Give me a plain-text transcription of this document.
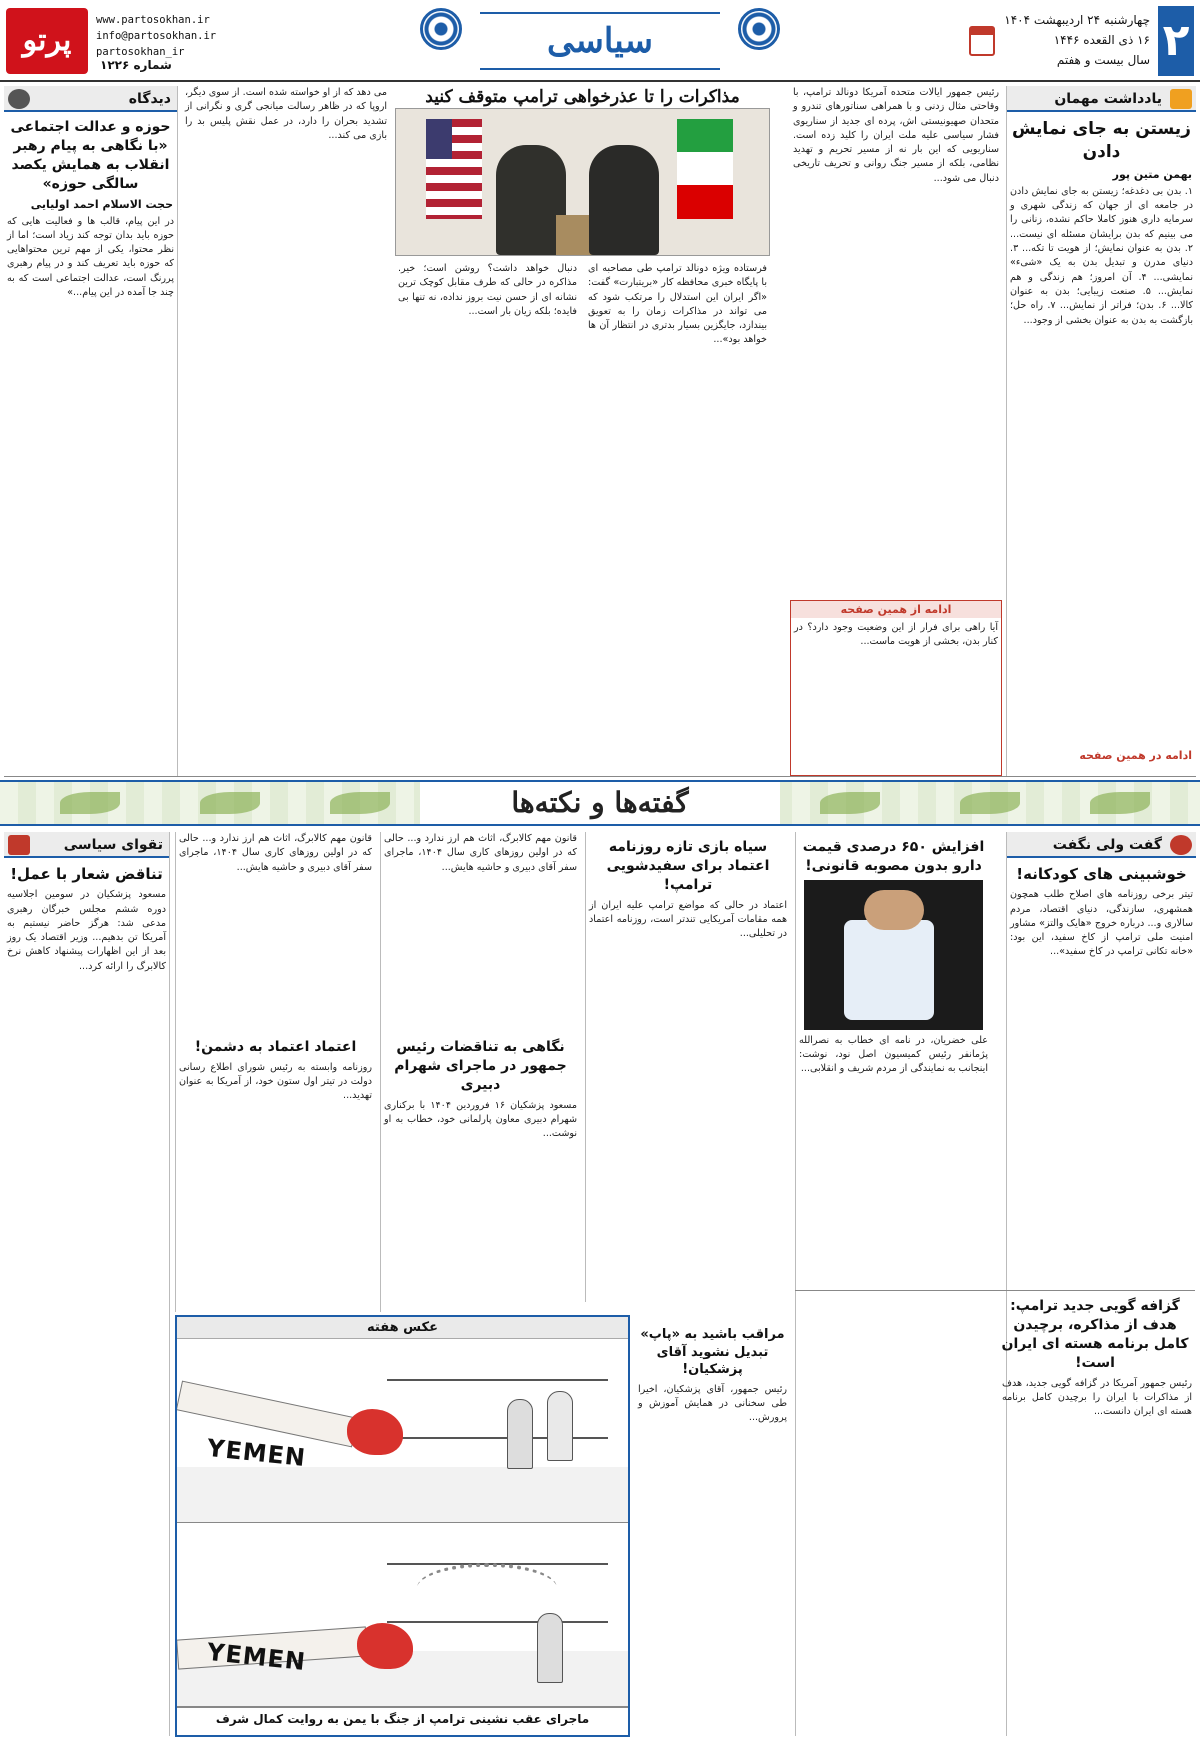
۲
چهارشنبه ۲۴ اردیبهشت ۱۴۰۴
۱۶ ذی القعده ۱۴۴۶
سال بیست و هفتم
سیاسی
www.partosokhan.ir
info@partosokhan.ir
partosokhan_ir
شماره ۱۲۲۶
پرتو
یادداشت مهمان
زیستن به جای نمایش دادن
بهمن متین پور
۱. بدن بی دغدغه؛ زیستن به جای نمایش دادن در جامعه ای از جهان که زندگی شهری و سرمایه داری هنوز کاملا حاکم نشده، زنانی را می بینیم که بدن برایشان مسئله ای نیست... ۲. بدن به عنوان نمایش؛ از هویت تا تکه... ۳. دنیای مدرن و تبدیل بدن به یک «شیء» نمایشی... ۴. آن امروز؛ هم زندگی و هم نمایش... ۵. صنعت زیبایی؛ بدن به عنوان کالا... ۶. بدن؛ فراتر از نمایش... ۷. راه حل؛ بازگشت به بدن به عنوان بخشی از وجود...
ادامه در همین صفحه
مذاکرات را تا عذرخواهی ترامپ متوقف کنید	رئیس جمهور ایالات متحده آمریکا دونالد ترامپ، با وقاحتی مثال زدنی و با همراهی سناتورهای تندرو و متحدان صهیونیستی اش، پرده ای جدید از سناریوی فشار سیاسی علیه ملت ایران را کلید زده است. سناریویی که این بار نه از مسیر تحریم و تهدید نظامی، بلکه از مسیر جنگ روانی و تحریف تاریخی دنبال می شود...
ادامه از همین صفحه
آیا راهی برای فرار از این وضعیت وجود دارد؟ در کنار بدن، بخشی از هویت ماست...
فرستاده ویژه دونالد ترامپ طی مصاحبه ای با پایگاه خبری محافظه کار «بریتبارت» گفت: «اگر ایران این استدلال را مرتکب شود که می تواند در مذاکرات زمان را به تعویق بیندازد، جایگزین بسیار بدتری در انتظار آن ها خواهد بود»...
دنبال خواهد داشت؟ روشن است؛ خیر. مذاکره در حالی که طرف مقابل کوچک ترین نشانه ای از حسن نیت بروز نداده، نه تنها بی فایده؛ بلکه زیان بار است...
می دهد که از او خواسته شده است. از سوی دیگر، اروپا که در ظاهر رسالت میانجی گری و نگرانی از تشدید بحران را دارد، در عمل نقش پلیس بد را بازی می کند...
دیدگاه
حوزه و عدالت اجتماعی «با نگاهی به پیام رهبر انقلاب به همایش یکصد سالگی حوزه»
حجت الاسلام احمد اولیایی
در این پیام، قالب ها و فعالیت هایی که حوزه باید بدان توجه کند زیاد است؛ اما از نظر محتوا، یکی از مهم ترین محتواهایی که حوزه باید تعریف کند و در پیام رهبری پررنگ است، عدالت اجتماعی است که به چند جا آمده در این پیام...»
گفته‌ها و نکته‌ها
گفت ولی نگفت
خوشبینی های کودکانه!
تیتر برخی روزنامه های اصلاح طلب همچون همشهری، سازندگی، دنیای اقتصاد، مردم سالاری و... درباره خروج «هایک والتز» مشاور امنیت ملی ترامپ از کاخ سفید، این بود: «خانه تکانی ترامپ در کاخ سفید»...
افزایش ۶۵۰ درصدی قیمت دارو بدون مصوبه قانونی!
علی خضریان، در نامه ای خطاب به نصرالله پژمانفر رئیس کمیسیون اصل نود، نوشت: اینجانب به نمایندگی از مردم شریف و انقلابی...
گزافه گویی جدید ترامپ: هدف از مذاکره، برچیدن کامل برنامه هسته ای ایران است!
رئیس جمهور آمریکا در گزافه گویی جدید، هدف از مذاکرات با ایران را برچیدن کامل برنامه هسته ای ایران دانست...
سیاه بازی تازه روزنامه اعتماد برای سفیدشویی ترامپ!
اعتماد در حالی که مواضع ترامپ علیه ایران از همه مقامات آمریکایی تندتر است، روزنامه اعتماد در تحلیلی...
قانون مهم کالابرگ، اثاث هم ارز ندارد و... حالی که در اولین روزهای کاری سال ۱۴۰۴، ماجرای سفر آقای دبیری و حاشیه هایش...
نگاهی به تناقضات رئیس جمهور در ماجرای شهرام دبیری
مسعود پزشکیان ۱۶ فروردین ۱۴۰۴ با برکناری شهرام دبیری معاون پارلمانی خود، خطاب به او نوشت...
قانون مهم کالابرگ، اثاث هم ارز ندارد و... حالی که در اولین روزهای کاری سال ۱۴۰۴، ماجرای سفر آقای دبیری و حاشیه هایش...
اعتماد اعتماد به دشمن!
روزنامه وابسته به رئیس شورای اطلاع رسانی دولت در تیتر اول ستون خود، از آمریکا به عنوان تهدید...
مراقب باشید به «پاپ» تبدیل نشوید آقای پزشکیان!
رئیس جمهور، آقای پزشکیان، اخیرا طی سخنانی در همایش آموزش و پرورش...
تقوای سیاسی
تناقض شعار با عمل!
مسعود پزشکیان در سومین اجلاسیه دوره ششم مجلس خبرگان رهبری مدعی شد: هرگز حاضر نیستیم به آمریکا تن بدهیم... وزیر اقتصاد یک روز بعد از این اظهارات پیشنهاد کاهش نرخ کالابرگ را ارائه کرد...
عکس هفته
YEMEN
YEMEN
ماجرای عقب نشینی ترامپ از جنگ با یمن به روایت کمال شرف
